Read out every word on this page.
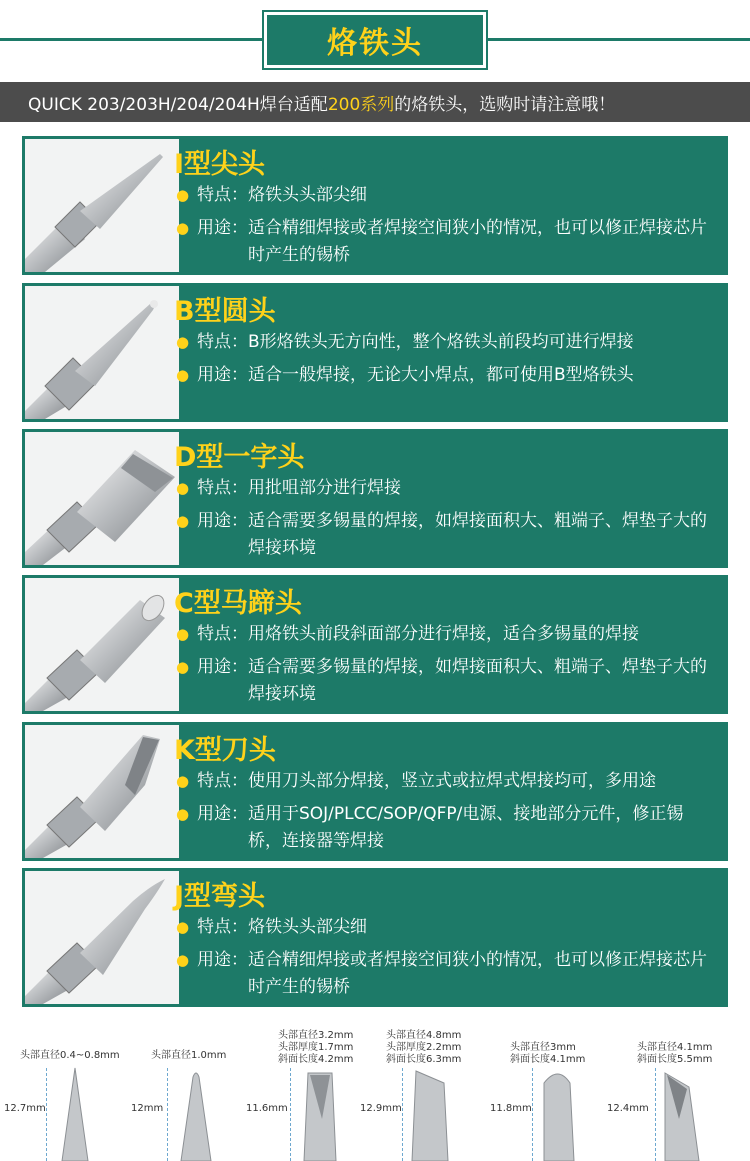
烙铁头
QUICK 203/203H/204/204H焊台适配 200系列 的烙铁头，选购时请注意哦！
I型尖头
● 特点： 烙铁头头部尖细
● 用途： 适合精细焊接或者焊接空间狭小的情况，也可以修正焊接芯片时产生的锡桥
B型圆头
● 特点： B形烙铁头无方向性，整个烙铁头前段均可进行焊接
● 用途： 适合一般焊接，无论大小焊点，都可使用B型烙铁头
D型一字头
● 特点： 用批咀部分进行焊接
● 用途： 适合需要多锡量的焊接，如焊接面积大、粗端子、焊垫子大的焊接环境
C型马蹄头
● 特点： 用烙铁头前段斜面部分进行焊接，适合多锡量的焊接
● 用途： 适合需要多锡量的焊接，如焊接面积大、粗端子、焊垫子大的焊接环境
K型刀头
● 特点： 使用刀头部分焊接，竖立式或拉焊式焊接均可，多用途
● 用途： 适用于SOJ/PLCC/SOP/QFP/电源、接地部分元件，修正锡桥，连接器等焊接
J型弯头
● 特点： 烙铁头头部尖细
● 用途： 适合精细焊接或者焊接空间狭小的情况，也可以修正焊接芯片时产生的锡桥
头部直径0.4~0.8mm
12.7mm
头部直径1.0mm
12mm
头部直径3.2mm
头部厚度1.7mm
斜面长度4.2mm
11.6mm
头部直径4.8mm
头部厚度2.2mm
斜面长度6.3mm
12.9mm
头部直径3mm
斜面长度4.1mm
11.8mm
头部直径4.1mm
斜面长度5.5mm
12.4mm
